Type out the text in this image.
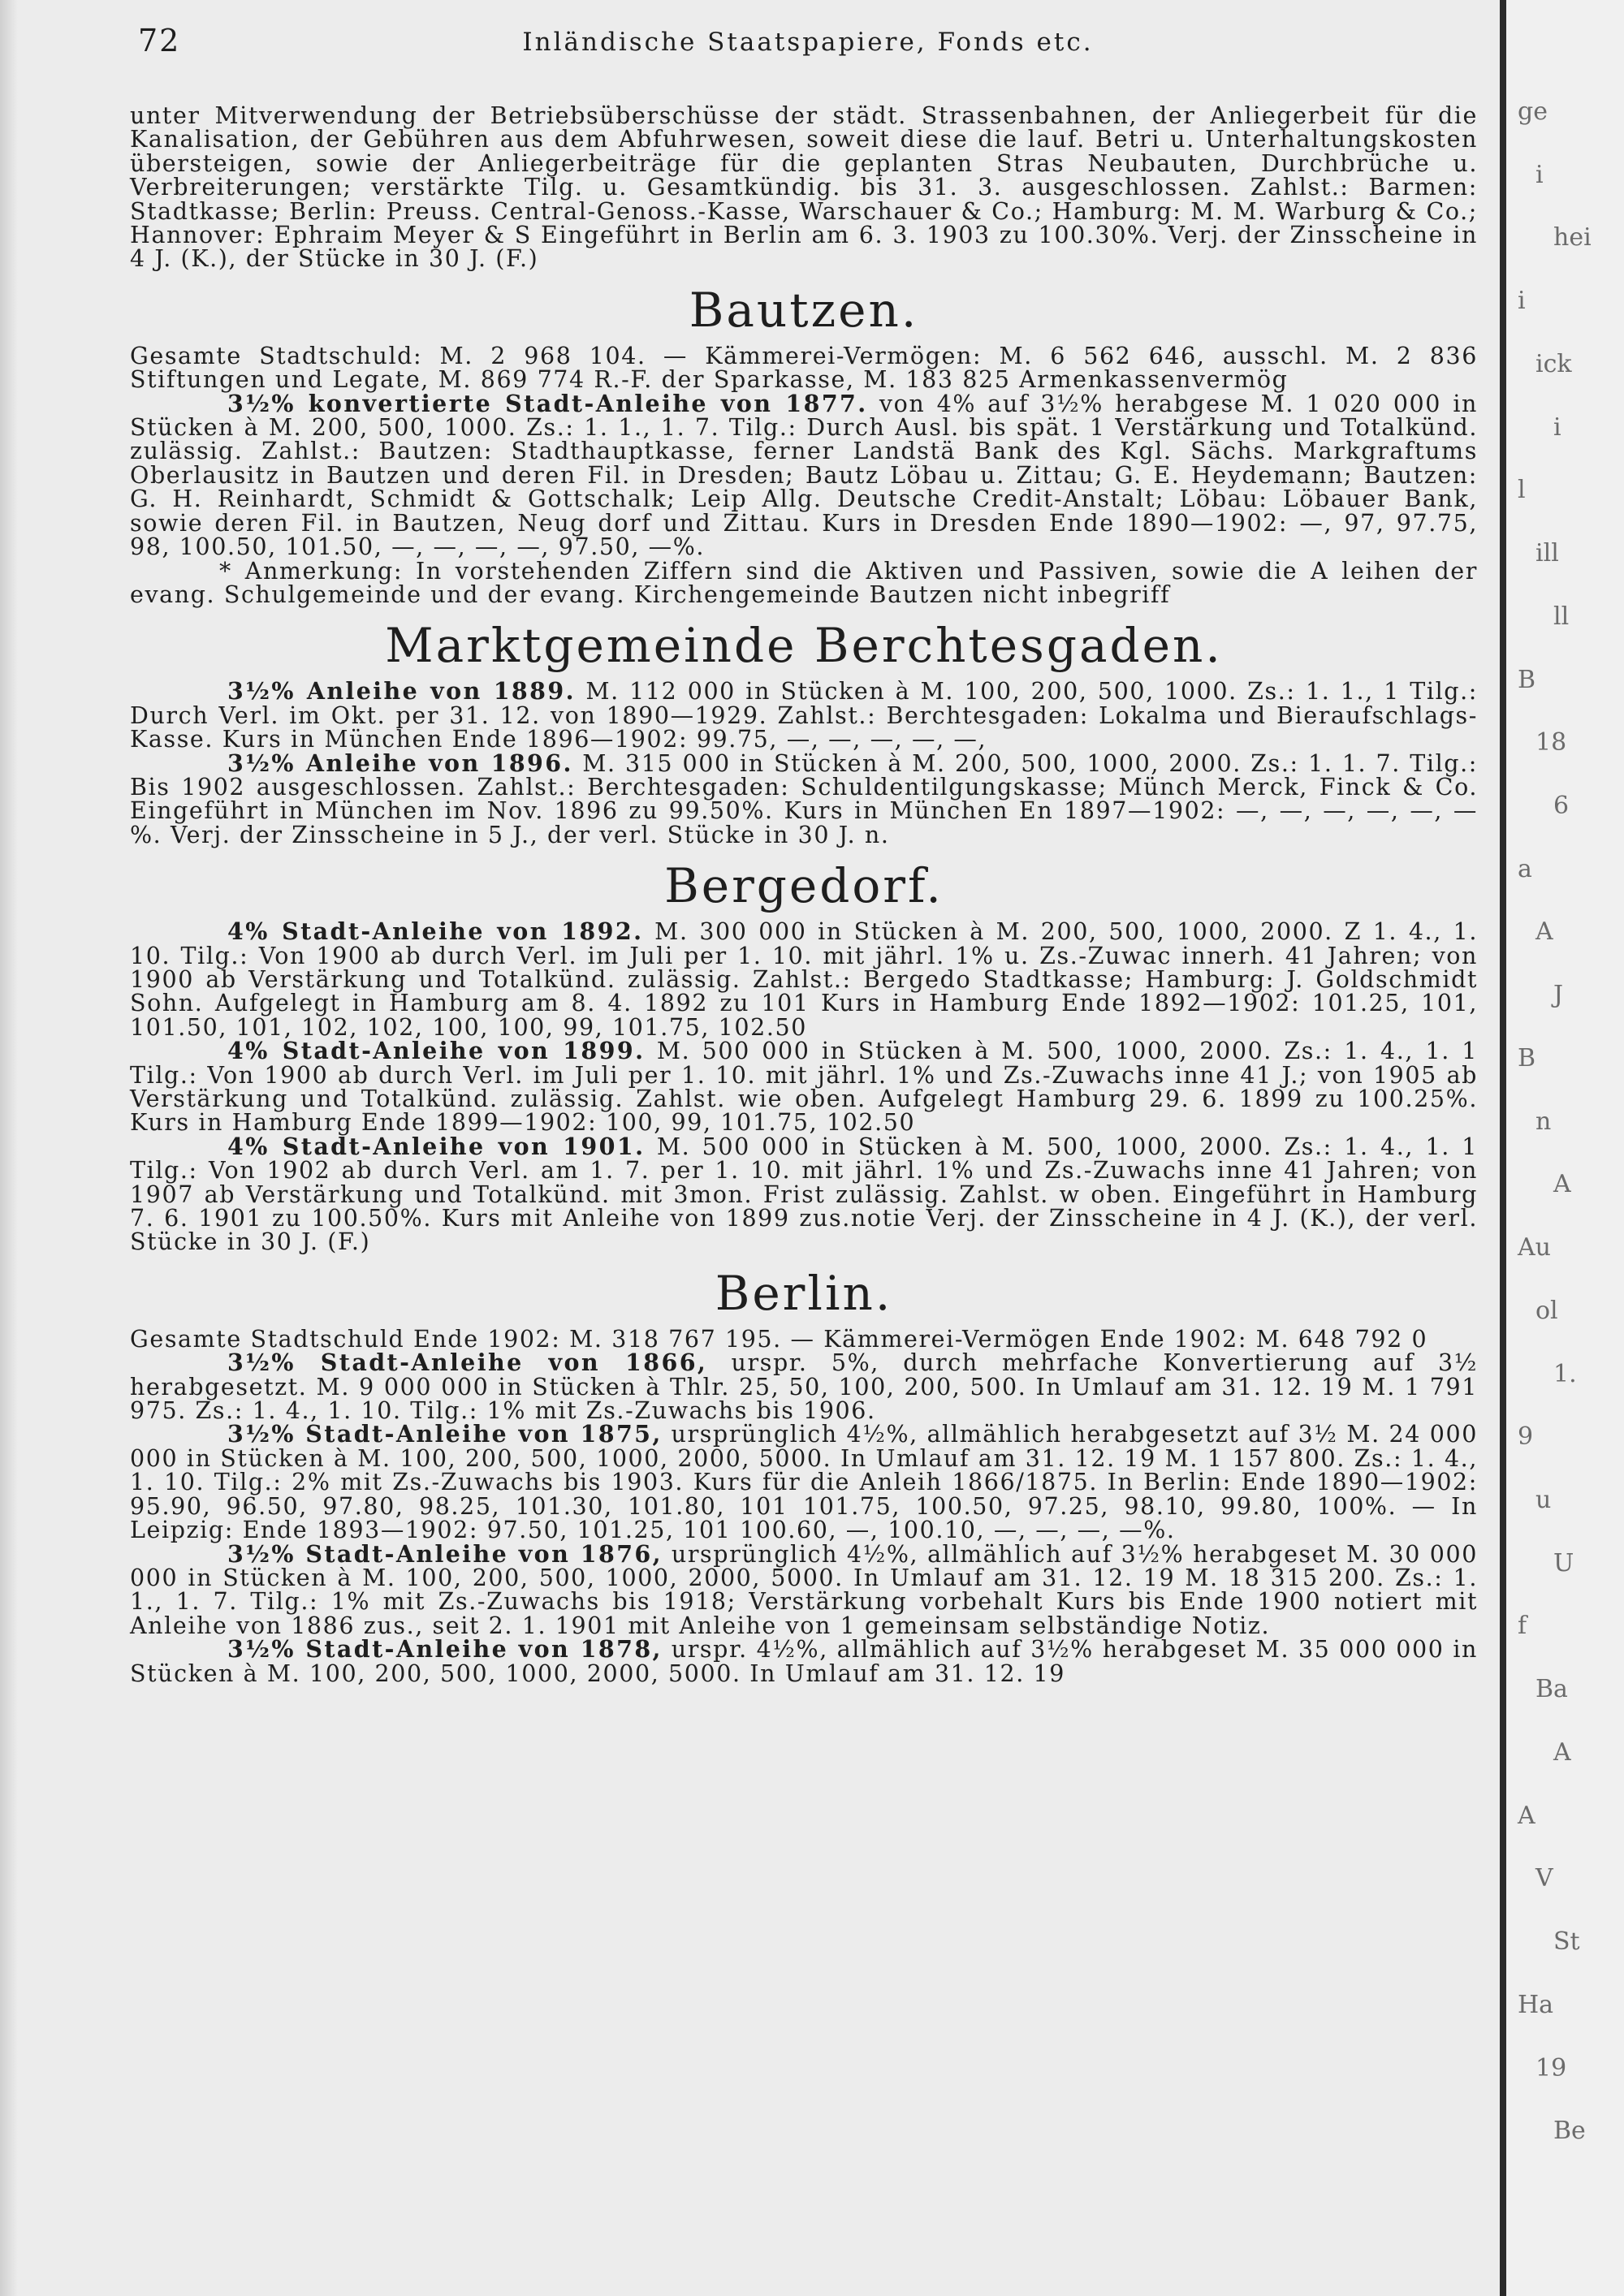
72	Inländische Staatspapiere, Fonds etc.

unter Mitverwendung der Betriebsüberschüsse der städt. Strassenbahnen, der Anliegerbeit für die Kanalisation, der Gebühren aus dem Abfuhrwesen, soweit diese die lauf. Betri u. Unterhaltungskosten übersteigen, sowie der Anliegerbeiträge für die geplanten Stras Neubauten, Durchbrüche u. Verbreiterungen; verstärkte Tilg. u. Gesamtkündig. bis 31. 3. ausgeschlossen. Zahlst.: Barmen: Stadtkasse; Berlin: Preuss. Central-Genoss.-Kasse, Warschauer & Co.; Hamburg: M. M. Warburg & Co.; Hannover: Ephraim Meyer & S Eingeführt in Berlin am 6. 3. 1903 zu 100.30%. Verj. der Zinsscheine in 4 J. (K.), der Stücke in 30 J. (F.)

Bautzen.

Gesamte Stadtschuld: M. 2 968 104. — Kämmerei-Vermögen: M. 6 562 646, ausschl. M. 2 836 Stiftungen und Legate, M. 869 774 R.-F. der Sparkasse, M. 183 825 Armenkassenvermög

3½% konvertierte Stadt-Anleihe von 1877. von 4% auf 3½% herabgese M. 1 020 000 in Stücken à M. 200, 500, 1000. Zs.: 1. 1., 1. 7. Tilg.: Durch Ausl. bis spät. 1 Verstärkung und Totalkünd. zulässig. Zahlst.: Bautzen: Stadthauptkasse, ferner Landstä Bank des Kgl. Sächs. Markgraftums Oberlausitz in Bautzen und deren Fil. in Dresden; Bautz Löbau u. Zittau; G. E. Heydemann; Bautzen: G. H. Reinhardt, Schmidt & Gottschalk; Leip Allg. Deutsche Credit-Anstalt; Löbau: Löbauer Bank, sowie deren Fil. in Bautzen, Neug dorf und Zittau. Kurs in Dresden Ende 1890—1902: —, 97, 97.75, 98, 100.50, 101.50, —, —, —, —, 97.50, —%.

* Anmerkung: In vorstehenden Ziffern sind die Aktiven und Passiven, sowie die A leihen der evang. Schulgemeinde und der evang. Kirchengemeinde Bautzen nicht inbegriff

Marktgemeinde Berchtesgaden.

3½% Anleihe von 1889. M. 112 000 in Stücken à M. 100, 200, 500, 1000. Zs.: 1. 1., 1 Tilg.: Durch Verl. im Okt. per 31. 12. von 1890—1929. Zahlst.: Berchtesgaden: Lokalma und Bieraufschlags-Kasse. Kurs in München Ende 1896—1902: 99.75, —, —, —, —, —,

3½% Anleihe von 1896. M. 315 000 in Stücken à M. 200, 500, 1000, 2000. Zs.: 1. 1. 7. Tilg.: Bis 1902 ausgeschlossen. Zahlst.: Berchtesgaden: Schuldentilgungskasse; Münch Merck, Finck & Co. Eingeführt in München im Nov. 1896 zu 99.50%. Kurs in München En 1897—1902: —, —, —, —, —, —%. Verj. der Zinsscheine in 5 J., der verl. Stücke in 30 J. n.

Bergedorf.

4% Stadt-Anleihe von 1892. M. 300 000 in Stücken à M. 200, 500, 1000, 2000. Z 1. 4., 1. 10. Tilg.: Von 1900 ab durch Verl. im Juli per 1. 10. mit jährl. 1% u. Zs.-Zuwac innerh. 41 Jahren; von 1900 ab Verstärkung und Totalkünd. zulässig. Zahlst.: Bergedo Stadtkasse; Hamburg: J. Goldschmidt Sohn. Aufgelegt in Hamburg am 8. 4. 1892 zu 101 Kurs in Hamburg Ende 1892—1902: 101.25, 101, 101.50, 101, 102, 102, 100, 100, 99, 101.75, 102.50

4% Stadt-Anleihe von 1899. M. 500 000 in Stücken à M. 500, 1000, 2000. Zs.: 1. 4., 1. 1 Tilg.: Von 1900 ab durch Verl. im Juli per 1. 10. mit jährl. 1% und Zs.-Zuwachs inne 41 J.; von 1905 ab Verstärkung und Totalkünd. zulässig. Zahlst. wie oben. Aufgelegt Hamburg 29. 6. 1899 zu 100.25%. Kurs in Hamburg Ende 1899—1902: 100, 99, 101.75, 102.50

4% Stadt-Anleihe von 1901. M. 500 000 in Stücken à M. 500, 1000, 2000. Zs.: 1. 4., 1. 1 Tilg.: Von 1902 ab durch Verl. am 1. 7. per 1. 10. mit jährl. 1% und Zs.-Zuwachs inne 41 Jahren; von 1907 ab Verstärkung und Totalkünd. mit 3mon. Frist zulässig. Zahlst. w oben. Eingeführt in Hamburg 7. 6. 1901 zu 100.50%. Kurs mit Anleihe von 1899 zus.notie Verj. der Zinsscheine in 4 J. (K.), der verl. Stücke in 30 J. (F.)

Berlin.

Gesamte Stadtschuld Ende 1902: M. 318 767 195. — Kämmerei-Vermögen Ende 1902: M. 648 792 0

3½% Stadt-Anleihe von 1866, urspr. 5%, durch mehrfache Konvertierung auf 3½ herabgesetzt. M. 9 000 000 in Stücken à Thlr. 25, 50, 100, 200, 500. In Umlauf am 31. 12. 19 M. 1 791 975. Zs.: 1. 4., 1. 10. Tilg.: 1% mit Zs.-Zuwachs bis 1906.

3½% Stadt-Anleihe von 1875, ursprünglich 4½%, allmählich herabgesetzt auf 3½ M. 24 000 000 in Stücken à M. 100, 200, 500, 1000, 2000, 5000. In Umlauf am 31. 12. 19 M. 1 157 800. Zs.: 1. 4., 1. 10. Tilg.: 2% mit Zs.-Zuwachs bis 1903. Kurs für die Anleih 1866/1875. In Berlin: Ende 1890—1902: 95.90, 96.50, 97.80, 98.25, 101.30, 101.80, 101 101.75, 100.50, 97.25, 98.10, 99.80, 100%. — In Leipzig: Ende 1893—1902: 97.50, 101.25, 101 100.60, —, 100.10, —, —, —, —%.

3½% Stadt-Anleihe von 1876, ursprünglich 4½%, allmählich auf 3½% herabgeset M. 30 000 000 in Stücken à M. 100, 200, 500, 1000, 2000, 5000. In Umlauf am 31. 12. 19 M. 18 315 200. Zs.: 1. 1., 1. 7. Tilg.: 1% mit Zs.-Zuwachs bis 1918; Verstärkung vorbehalt Kurs bis Ende 1900 notiert mit Anleihe von 1886 zus., seit 2. 1. 1901 mit Anleihe von 1 gemeinsam selbständige Notiz.

3½% Stadt-Anleihe von 1878, urspr. 4½%, allmählich auf 3½% herabgeset M. 35 000 000 in Stücken à M. 100, 200, 500, 1000, 2000, 5000. In Umlauf am 31. 12. 19

ge
i
hei
i
ick
i
l
ill
ll
B
18
6
a
A
J
B
n
A
Au
ol
1.
9
u
U
f
Ba
A
A
V
St
Ha
19
Be
